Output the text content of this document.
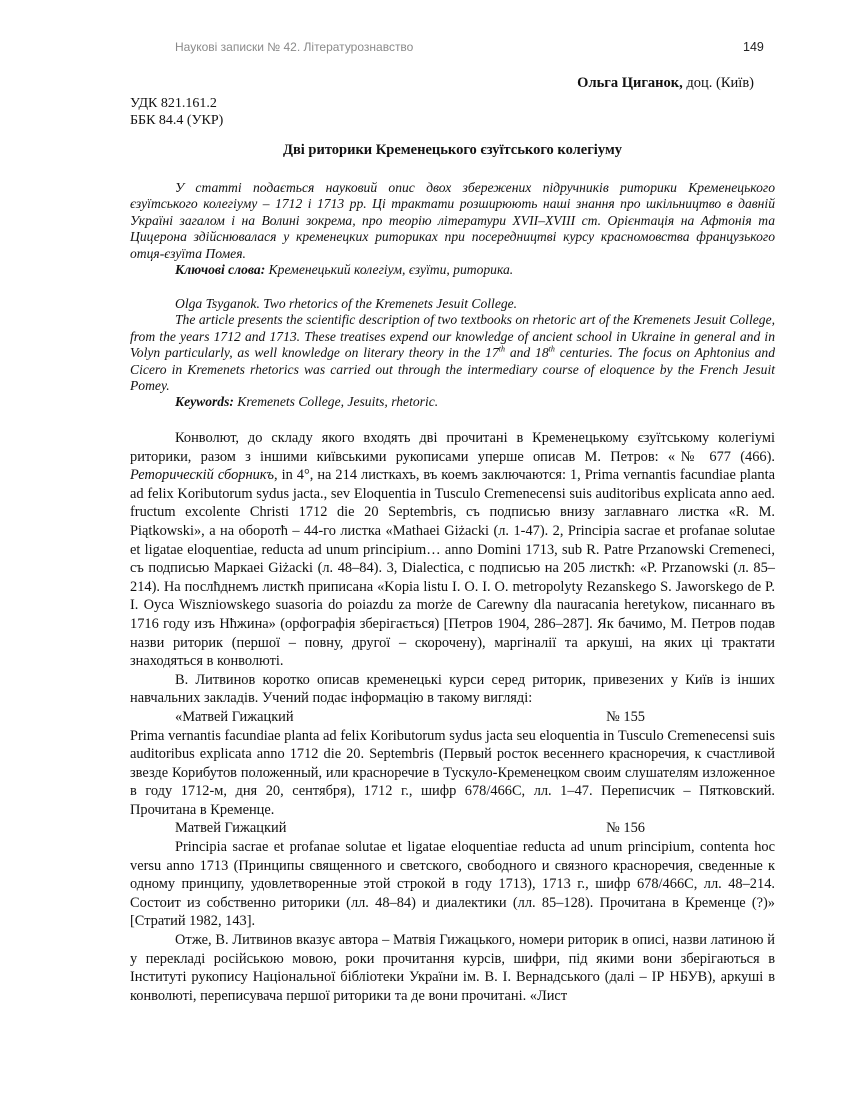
Наукові записки № 42. Літературознавство	149
Ольга Циганок, доц. (Київ)
УДК 821.161.2
ББК 84.4 (УКР)
Дві риторики Кременецького єзуїтського колегіуму

У статті подається науковий опис двох збережених підручників риторики Кременецького єзуїтського колегіуму – 1712 і 1713 рр. Ці трактати розширюють наші знання про шкільництво в давній Україні загалом і на Волині зокрема, про теорію літератури XVII–XVIII ст. Орієнтація на Афтонія та Цицерона здійснювалася у кременецких риториках при посередництві курсу красномовства французького отця-єзуїта Помея.

Ключові слова: Кременецький колегіум, єзуїти, риторика.

Olga Tsyganok. Two rhetorics of the Kremenets Jesuit College.

The article presents the scientific description of two textbooks on rhetoric art of the Kremenets Jesuit College, from the years 1712 and 1713. These treatises expend our knowledge of ancient school in Ukraine in general and in Volyn particularly, as well knowledge on literary theory in the 17th and 18th centuries. The focus on Aphtonius and Cicero in Kremenets rhetorics was carried out through the intermediary course of eloquence by the French Jesuit Pomey.

Keywords: Kremenets College, Jesuits, rhetoric.

Конволют, до складу якого входять дві прочитані в Кременецькому єзуїтському колегіумі риторики, разом з іншими київськими рукописами уперше описав М. Петров: «№ 677 (466). Реторическій сборникъ, in 4°, на 214 листкахъ, въ коемъ заключаются: 1, Prima vernantis facundiae planta ad felix Koributorum sydus jacta., sev Eloquentia in Tusculo Cremenecensi suis auditoribus explicata anno aed. fructum excolente Christi 1712 die 20 Septembris, съ подписью внизу заглавнаго листка «R. M. Piątkowski», а на оборотħ – 44-го листка «Mathaei Giżacki (л. 1-47). 2, Principia sacrae et profanae solutae et ligatae eloquentiae, reducta ad unum principium… anno Domini 1713, sub R. Patre Przanowski Cremeneci, съ подписью Маркаеі Giżacki (л. 48–84). 3, Dialectica, с подписью на 205 листкħ: «P. Przanowski (л. 85–214). На послħднемъ листкħ приписана «Kopia listu I. O. I. O. metropolyty Rezanskego S. Jaworskego de P. I. Oyca Wiszniowskego suasoria do poiazdu za morże de Carewny dla nauracania heretykow, писаннаго въ 1716 году изъ Нħжина» (орфографія зберігається) [Петров 1904, 286–287]. Як бачимо, М. Петров подав назви риторик (першої – повну, другої – скорочену), маргіналії та аркуші, на яких ці трактати знаходяться в конволюті.

В. Литвинов коротко описав кременецькі курси серед риторик, привезених у Київ із інших навчальних закладів. Учений подає інформацію в такому вигляді:

«Матвей Гижацкий	№ 155

Prima vernantis facundiae planta ad felix Koributorum sydus jacta seu eloquentia in Tusculo Cremenecensi suis auditoribus explicata anno 1712 die 20. Septembris (Первый росток весеннего красноречия, к счастливой звезде Корибутов положенный, или красноречие в Тускуло-Кременецком своим слушателям изложенное в году 1712-м, дня 20, сентября), 1712 г., шифр 678/466С, лл. 1–47. Переписчик – Пятковский. Прочитана в Кременце.

Матвей Гижацкий	№ 156

Principia sacrae et profanae solutae et ligatae eloquentiae reducta ad unum principium, contenta hoc versu anno 1713 (Принципы священного и светского, свободного и связного красноречия, сведенные к одному принципу, удовлетворенные этой строкой в году 1713), 1713 г., шифр 678/466С, лл. 48–214. Состоит из собственно риторики (лл. 48–84) и диалектики (лл. 85–128). Прочитана в Кременце (?)» [Стратий 1982, 143].

Отже, В. Литвинов вказує автора – Матвія Гижацького, номери риторик в описі, назви латиною й у перекладі російською мовою, роки прочитання курсів, шифри, під якими вони зберігаються в Інституті рукопису Національної бібліотеки України ім. В. І. Вернадського (далі – ІР НБУВ), аркуші в конволюті, переписувача першої риторики та де вони прочитані. «Лист
